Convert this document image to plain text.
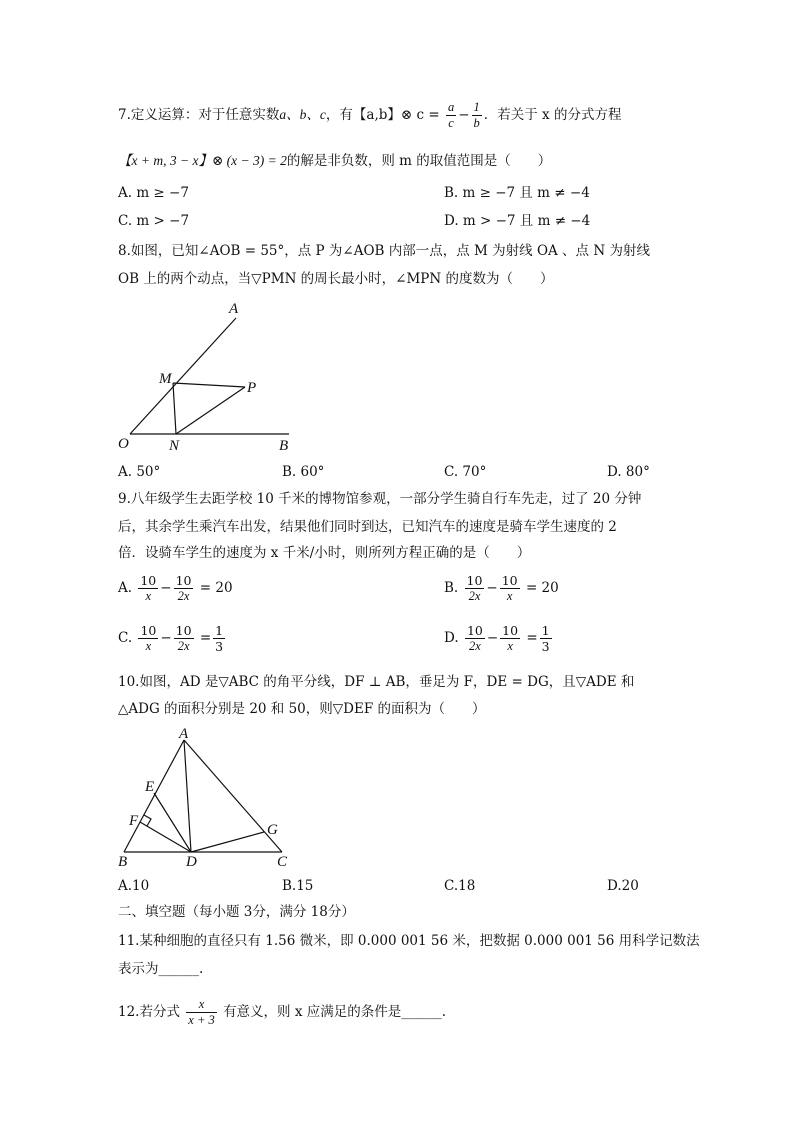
7.定义运算：对于任意实数a、b、c，有【a,b】⊗ $c = \frac{a}{c} - \frac{1}{b}$ ．若关于 x 的分式方程
【x + m, 3 − x】⊗ (x − 3) = 2的解是非负数，则 m 的取值范围是（　　）
A. m ≥ −7	B. m ≥ −7 且 m ≠ −4
C. m > −7	D. m > −7 且 m ≠ −4
8.如图，已知∠AOB = 55°，点 P 为∠AOB 内部一点，点 M 为射线 OA 、点 N 为射线
OB 上的两个动点，当▽PMN 的周长最小时，∠MPN 的度数为（　　）
A
M
P
O	N	B
A
E
F
G
B	D	C
A. 50°	B. 60°	C. 70°	D. 80°
9.八年级学生去距学校 10 千米的博物馆参观，一部分学生骑自行车先走，过了 20 分钟
后，其余学生乘汽车出发，结果他们同时到达，已知汽车的速度是骑车学生速度的 2
倍．设骑车学生的速度为 x 千米/小时，则所列方程正确的是（　　）
A. $\frac{10}{x} - \frac{10}{2x} = 20$	B. $\frac{10}{2x} - \frac{10}{x} = 20$
C. $\frac{10}{x} - \frac{10}{2x} = \frac{1}{3}$	D. $\frac{10}{2x} - \frac{10}{x} = \frac{1}{3}$
10.如图，AD 是▽ABC 的角平分线，DF ⊥ AB，垂足为 F，DE = DG，且▽ADE 和
△ADG 的面积分别是 20 和 50，则▽DEF 的面积为（　　）
A.10	B.15	C.18	D.20
二、填空题（每小题 3分，满分 18分）
11.某种细胞的直径只有 1.56 微米，即 0.000 001 56 米，把数据 0.000 001 56 用科学记数法
表示为______.
12.若分式 $\frac{x}{x + 3}$ 有意义，则 x 应满足的条件是______.
